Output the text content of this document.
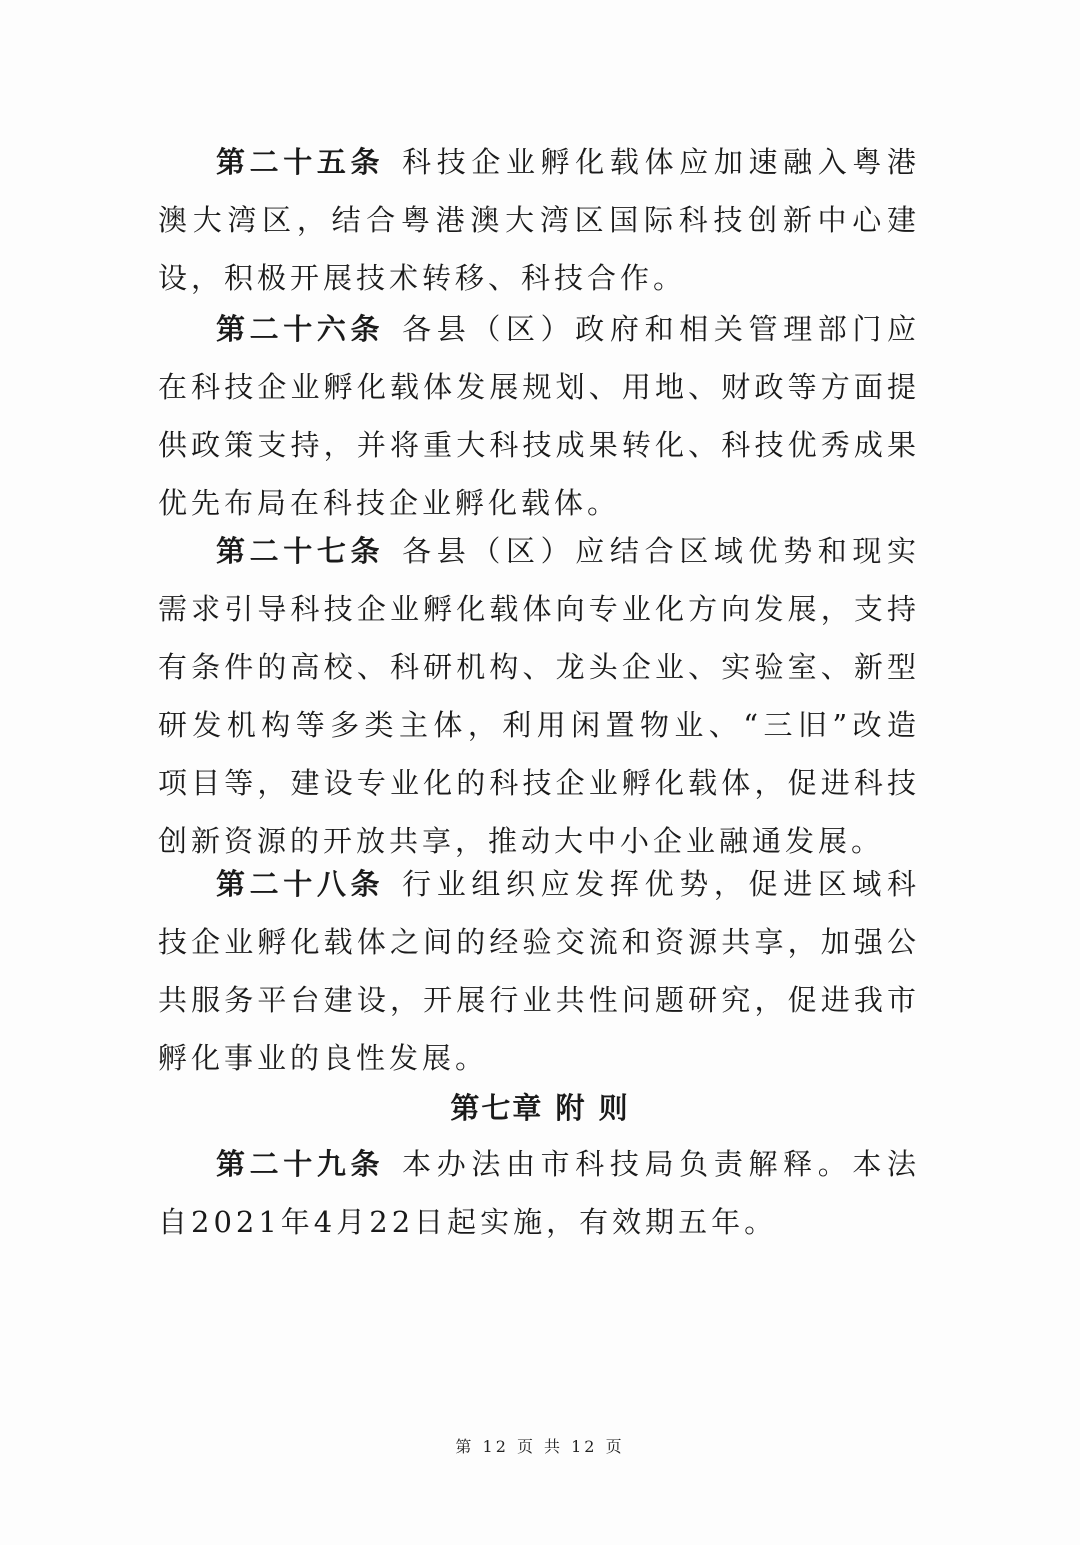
第二十五条 科技企业孵化载体应加速融入粤港澳大湾区，结合粤港澳大湾区国际科技创新中心建设，积极开展技术转移、科技合作。

第二十六条 各县（区）政府和相关管理部门应在科技企业孵化载体发展规划、用地、财政等方面提供政策支持，并将重大科技成果转化、科技优秀成果优先布局在科技企业孵化载体。

第二十七条 各县（区）应结合区域优势和现实需求引导科技企业孵化载体向专业化方向发展，支持有条件的高校、科研机构、龙头企业、实验室、新型研发机构等多类主体，利用闲置物业、“三旧”改造项目等，建设专业化的科技企业孵化载体，促进科技创新资源的开放共享，推动大中小企业融通发展。

第二十八条 行业组织应发挥优势，促进区域科技企业孵化载体之间的经验交流和资源共享，加强公共服务平台建设，开展行业共性问题研究，促进我市孵化事业的良性发展。

第七章 附 则

第二十九条 本办法由市科技局负责解释。本法自2021年4月22日起实施，有效期五年。

第 12 页 共 12 页
